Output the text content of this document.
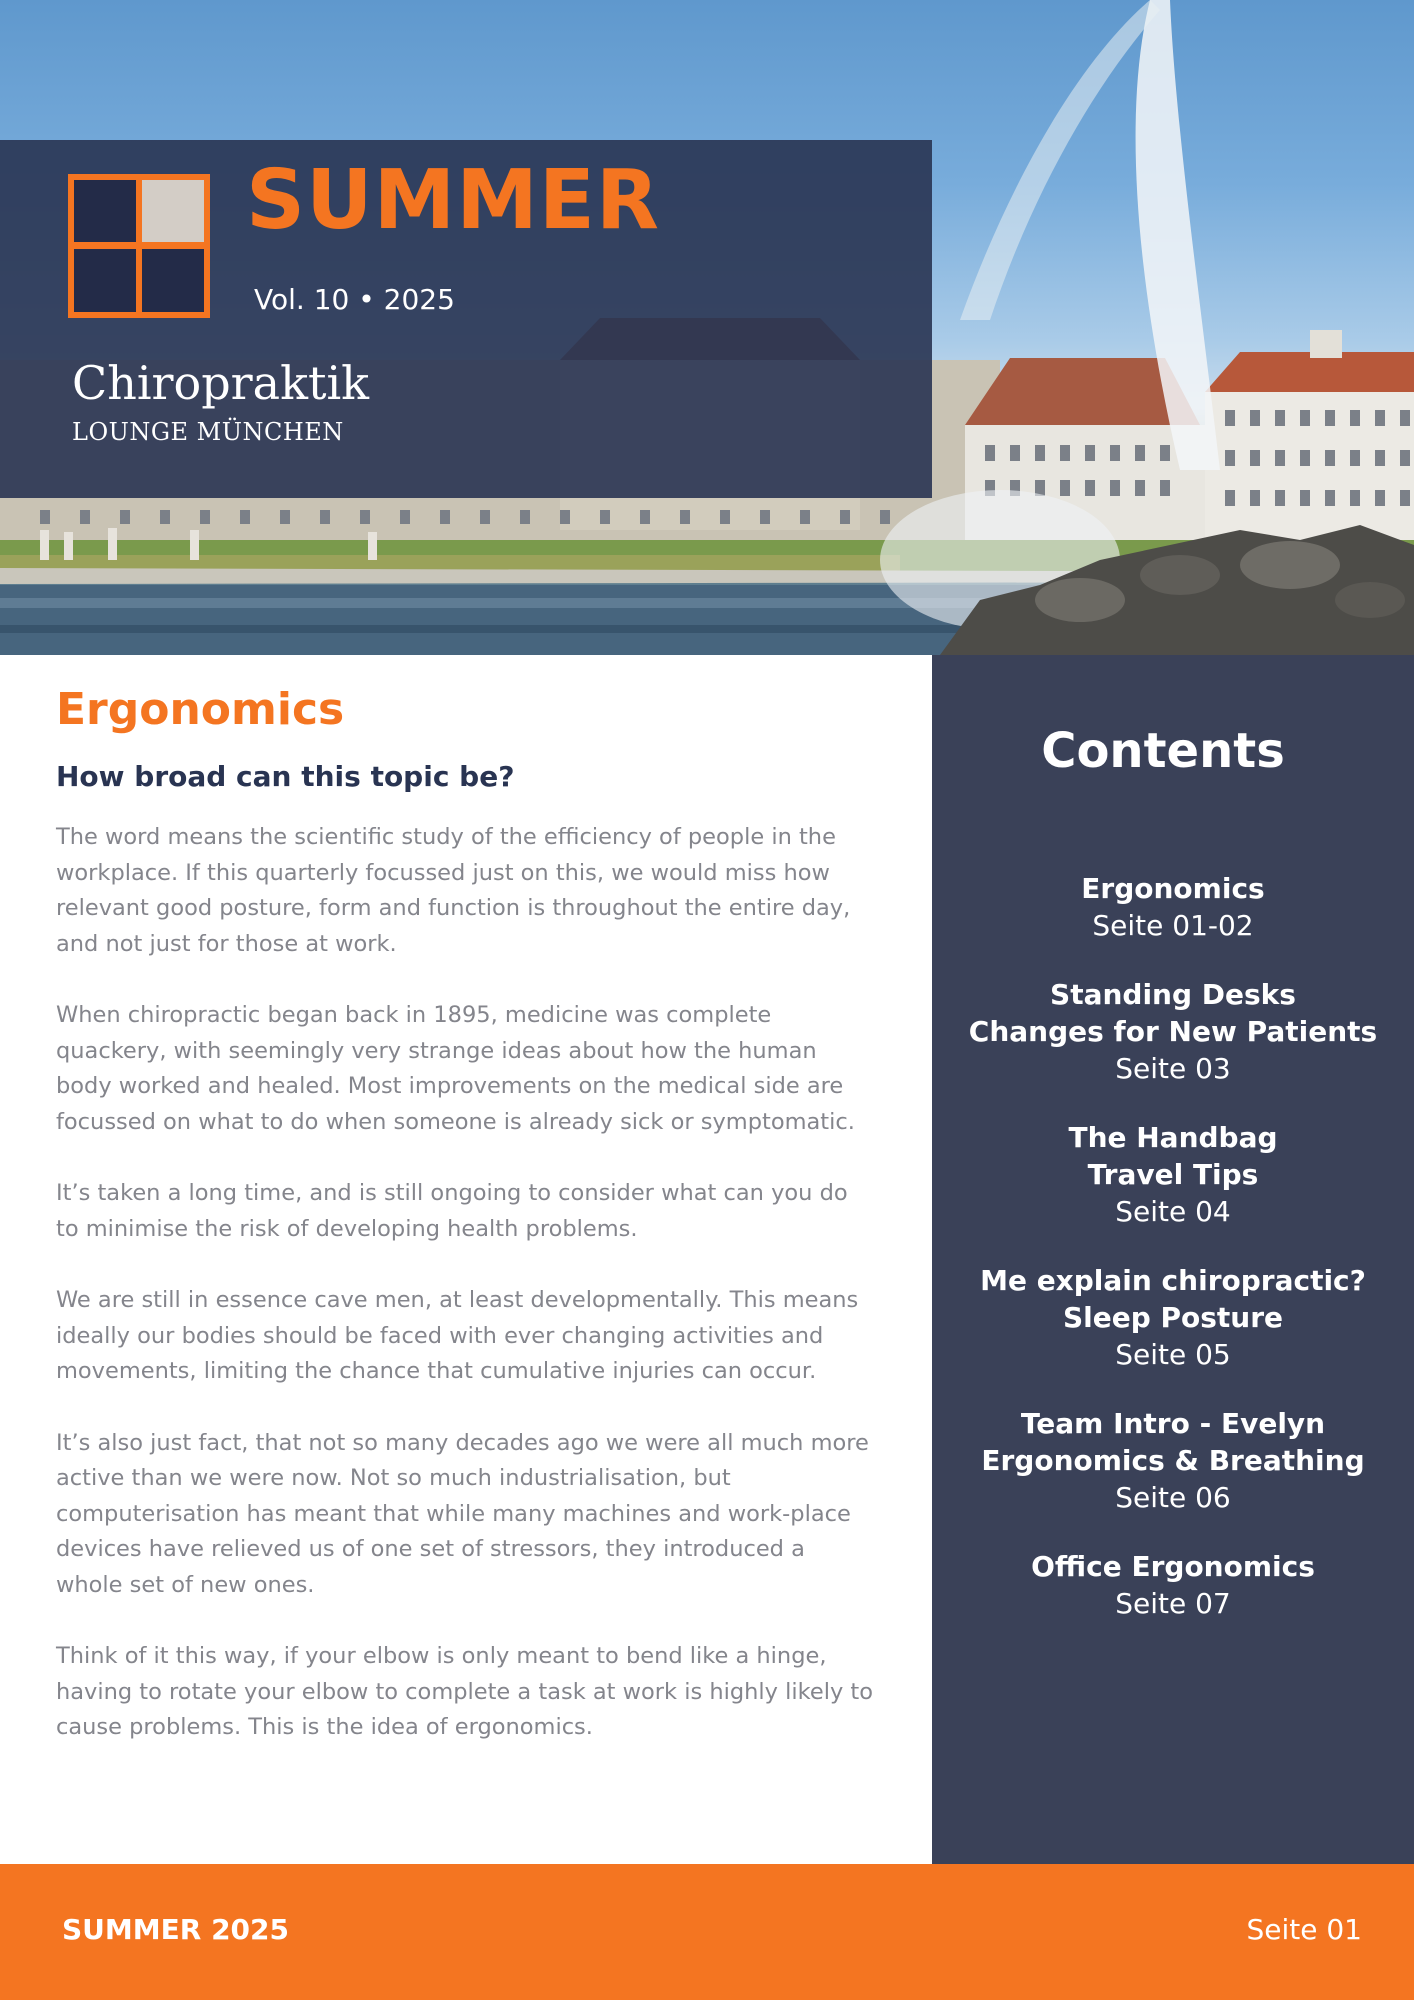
SUMMER
Vol. 10 • 2025
Chiropraktik
LOUNGE MÜNCHEN
Ergonomics
How broad can this topic be?

The word means the scientific study of the efficiency of people in the workplace. If this quarterly focussed just on this, we would miss how relevant good posture, form and function is throughout the entire day, and not just for those at work.

When chiropractic began back in 1895, medicine was complete quackery, with seemingly very strange ideas about how the human body worked and healed. Most improvements on the medical side are focussed on what to do when someone is already sick or symptomatic.

It’s taken a long time, and is still ongoing to consider what can you do to minimise the risk of developing health problems.

We are still in essence cave men, at least developmentally. This means ideally our bodies should be faced with ever changing activities and movements, limiting the chance that cumulative injuries can occur.

It’s also just fact, that not so many decades ago we were all much more active than we were now. Not so much industrialisation, but computerisation has meant that while many machines and work-place devices have relieved us of one set of stressors, they introduced a whole set of new ones.

Think of it this way, if your elbow is only meant to bend like a hinge, having to rotate your elbow to complete a task at work is highly likely to cause problems. This is the idea of ergonomics.

Contents
Ergonomics
Seite 01-02
Standing Desks
Changes for New Patients
Seite 03
The Handbag
Travel Tips
Seite 04
Me explain chiropractic?
Sleep Posture
Seite 05
Team Intro - Evelyn
Ergonomics & Breathing
Seite 06
Office Ergonomics
Seite 07
SUMMER 2025	Seite 01
